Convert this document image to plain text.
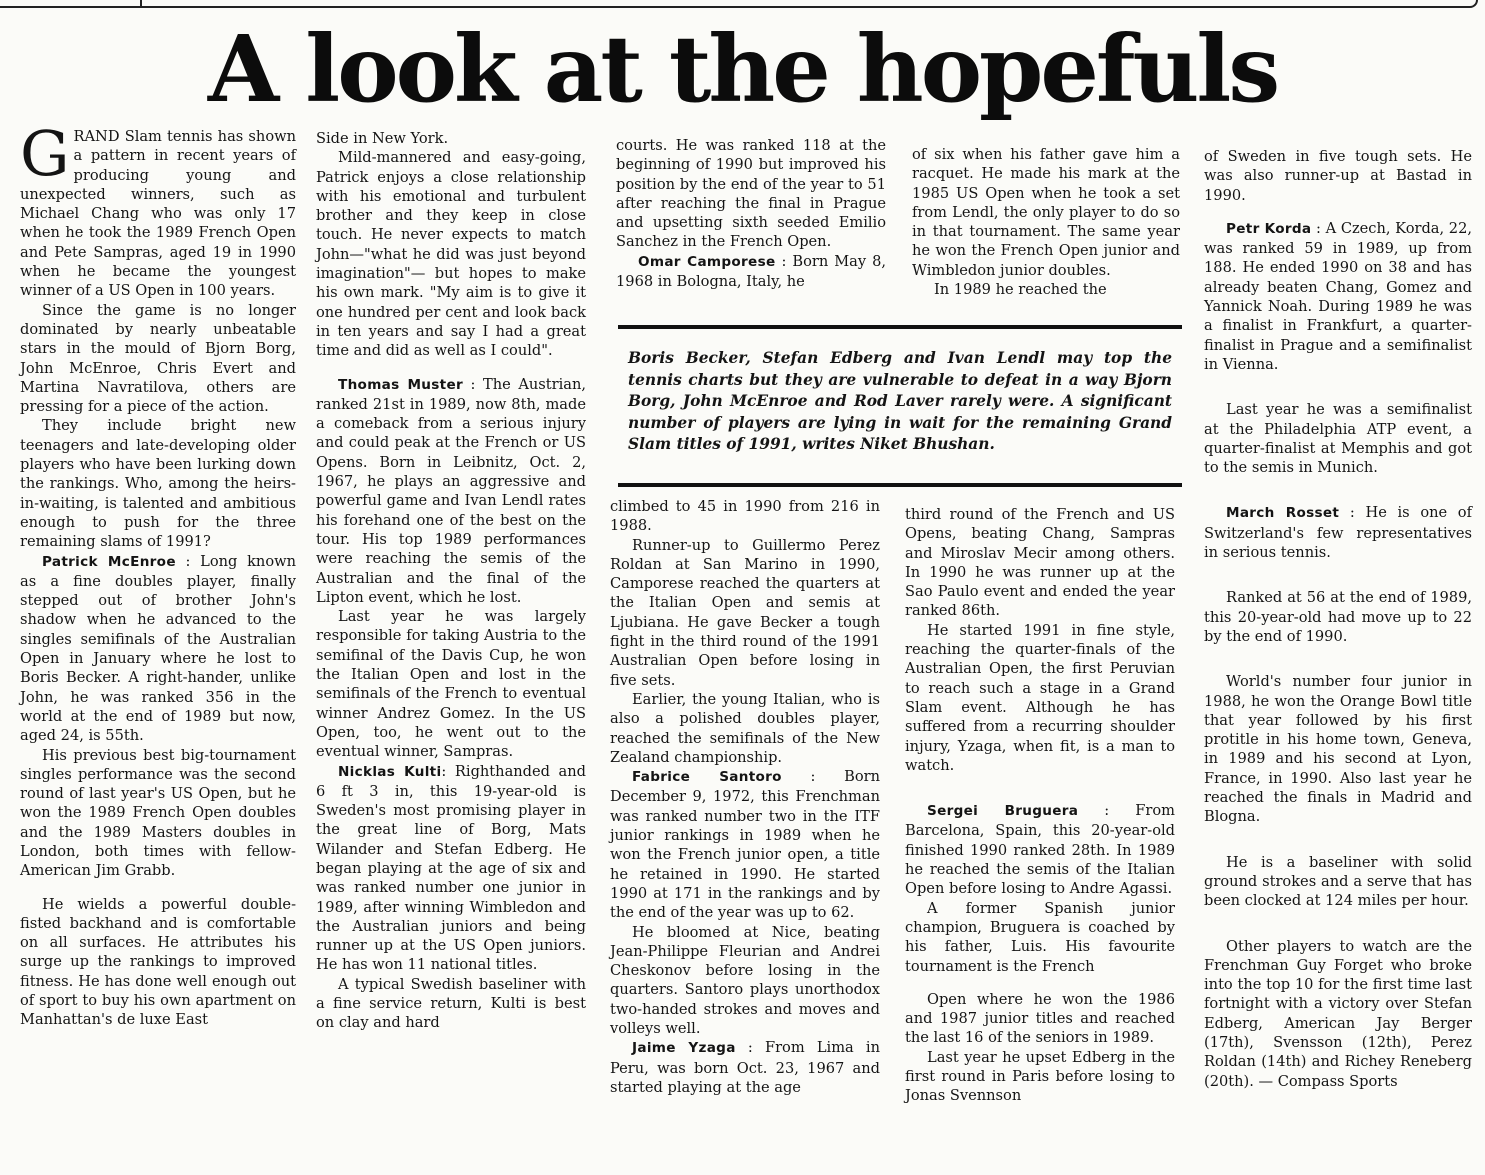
A look at the hopefuls

GRAND Slam tennis has shown a pattern in recent years of producing young and unexpected winners, such as Michael Chang who was only 17 when he took the 1989 French Open and Pete Sampras, aged 19 in 1990 when he became the youngest winner of a US Open in 100 years.

Since the game is no longer dominated by nearly unbeatable stars in the mould of Bjorn Borg, John McEnroe, Chris Evert and Martina Navratilova, others are pressing for a piece of the action.

They include bright new teenagers and late-developing older players who have been lurking down the rankings. Who, among the heirs-in-waiting, is talented and ambitious enough to push for the three remaining slams of 1991?

Patrick McEnroe : Long known as a fine doubles player, finally stepped out of brother John's shadow when he advanced to the singles semifinals of the Australian Open in January where he lost to Boris Becker. A right-hander, unlike John, he was ranked 356 in the world at the end of 1989 but now, aged 24, is 55th.

His previous best big-tournament singles performance was the second round of last year's US Open, but he won the 1989 French Open doubles and the 1989 Masters doubles in London, both times with fellow-American Jim Grabb.

He wields a powerful double-fisted backhand and is comfortable on all surfaces. He attributes his surge up the rankings to improved fitness. He has done well enough out of sport to buy his own apartment on Manhattan's de luxe East

Side in New York.

Mild-mannered and easy-going, Patrick enjoys a close relationship with his emotional and turbulent brother and they keep in close touch. He never expects to match John—"what he did was just beyond imagination"— but hopes to make his own mark. "My aim is to give it one hundred per cent and look back in ten years and say I had a great time and did as well as I could".

Thomas Muster : The Austrian, ranked 21st in 1989, now 8th, made a comeback from a serious injury and could peak at the French or US Opens. Born in Leibnitz, Oct. 2, 1967, he plays an aggressive and powerful game and Ivan Lendl rates his forehand one of the best on the tour. His top 1989 performances were reaching the semis of the Australian and the final of the Lipton event, which he lost.

Last year he was largely responsible for taking Austria to the semifinal of the Davis Cup, he won the Italian Open and lost in the semifinals of the French to eventual winner Andrez Gomez. In the US Open, too, he went out to the eventual winner, Sampras.

Nicklas Kulti: Righthanded and 6 ft 3 in, this 19-year-old is Sweden's most promising player in the great line of Borg, Mats Wilander and Stefan Edberg. He began playing at the age of six and was ranked number one junior in 1989, after winning Wimbledon and the Australian juniors and being runner up at the US Open juniors. He has won 11 national titles.

A typical Swedish baseliner with a fine service return, Kulti is best on clay and hard

courts. He was ranked 118 at the beginning of 1990 but improved his position by the end of the year to 51 after reaching the final in Prague and upsetting sixth seeded Emilio Sanchez in the French Open.

Omar Camporese : Born May 8, 1968 in Bologna, Italy, he

of six when his father gave him a racquet. He made his mark at the 1985 US Open when he took a set from Lendl, the only player to do so in that tournament. The same year he won the French Open junior and Wimbledon junior doubles.

In 1989 he reached the

Boris Becker, Stefan Edberg and Ivan Lendl may top the tennis charts but they are vulnerable to defeat in a way Bjorn Borg, John McEnroe and Rod Laver rarely were. A significant number of players are lying in wait for the remaining Grand Slam titles of 1991, writes Niket Bhushan.

climbed to 45 in 1990 from 216 in 1988.

Runner-up to Guillermo Perez Roldan at San Marino in 1990, Camporese reached the quarters at the Italian Open and semis at Ljubiana. He gave Becker a tough fight in the third round of the 1991 Australian Open before losing in five sets.

Earlier, the young Italian, who is also a polished doubles player, reached the semifinals of the New Zealand championship.

Fabrice Santoro : Born December 9, 1972, this Frenchman was ranked number two in the ITF junior rankings in 1989 when he won the French junior open, a title he retained in 1990. He started 1990 at 171 in the rankings and by the end of the year was up to 62.

He bloomed at Nice, beating Jean-Philippe Fleurian and Andrei Cheskonov before losing in the quarters. Santoro plays unorthodox two-handed strokes and moves and volleys well.

Jaime Yzaga : From Lima in Peru, was born Oct. 23, 1967 and started playing at the age

third round of the French and US Opens, beating Chang, Sampras and Miroslav Mecir among others. In 1990 he was runner up at the Sao Paulo event and ended the year ranked 86th.

He started 1991 in fine style, reaching the quarter-finals of the Australian Open, the first Peruvian to reach such a stage in a Grand Slam event. Although he has suffered from a recurring shoulder injury, Yzaga, when fit, is a man to watch.

Sergei Bruguera : From Barcelona, Spain, this 20-year-old finished 1990 ranked 28th. In 1989 he reached the semis of the Italian Open before losing to Andre Agassi.

A former Spanish junior champion, Bruguera is coached by his father, Luis. His favourite tournament is the French

Open where he won the 1986 and 1987 junior titles and reached the last 16 of the seniors in 1989.

Last year he upset Edberg in the first round in Paris before losing to Jonas Svennson

of Sweden in five tough sets. He was also runner-up at Bastad in 1990.

Petr Korda : A Czech, Korda, 22, was ranked 59 in 1989, up from 188. He ended 1990 on 38 and has already beaten Chang, Gomez and Yannick Noah. During 1989 he was a finalist in Frankfurt, a quarter-finalist in Prague and a semifinalist in Vienna.

Last year he was a semifinalist at the Philadelphia ATP event, a quarter-finalist at Memphis and got to the semis in Munich.

March Rosset : He is one of Switzerland's few representatives in serious tennis.

Ranked at 56 at the end of 1989, this 20-year-old had move up to 22 by the end of 1990.

World's number four junior in 1988, he won the Orange Bowl title that year followed by his first protitle in his home town, Geneva, in 1989 and his second at Lyon, France, in 1990. Also last year he reached the finals in Madrid and Blogna.

He is a baseliner with solid ground strokes and a serve that has been clocked at 124 miles per hour.

Other players to watch are the Frenchman Guy Forget who broke into the top 10 for the first time last fortnight with a victory over Stefan Edberg, American Jay Berger (17th), Svensson (12th), Perez Roldan (14th) and Richey Reneberg (20th). — Compass Sports
